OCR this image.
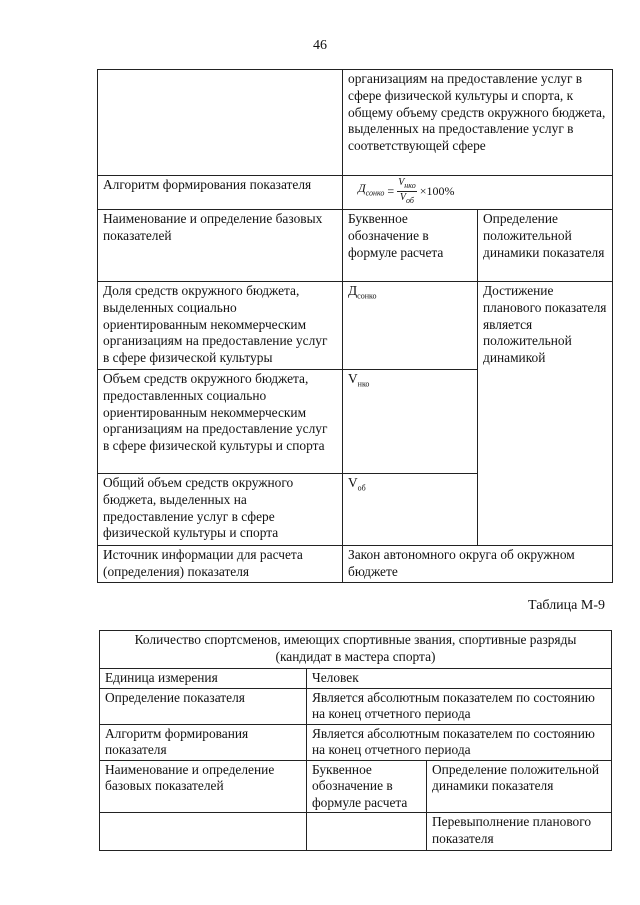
46
	организациям на предоставление услуг в сфере физической культуры и спорта, к общему объему средств окружного бюджета, выделенных на предоставление услуг в соответствующей сфере	
Алгоритм формирования показателя	$Д_{сонко} = \frac{V_{нко}}{V_{об}} \times 100\%$	

Наименование и определение базовых показателей	Буквенное обозначение в формуле расчета	Определение положительной динамики показателя
Доля средств окружного бюджета, выделенных социально ориентированным некоммерческим организациям на предоставление услуг в сфере физической культуры	$Д_{сонко}$	Достижение планового показателя является положительной динамикой
Объем средств окружного бюджета, предоставленных социально ориентированным некоммерческим организациям на предоставление услуг в сфере физической культуры и спорта	$V_{нко}$
Общий объем средств окружного бюджета, выделенных на предоставление услуг в сфере физической культуры и спорта	$V_{об}$
Источник информации для расчета (определения) показателя	Закон автономного округа об окружном бюджете	
Таблица М-9
Количество спортсменов, имеющих спортивные звания, спортивные разряды (кандидат в мастера спорта)		
Единица измерения	Человек	
Определение показателя	Является абсолютным показателем по состоянию на конец отчетного периода	
Алгоритм формирования показателя	Является абсолютным показателем по состоянию на конец отчетного периода	
Наименование и определение базовых показателей	Буквенное обозначение в формуле расчета	Определение положительной динамики показателя
		Перевыполнение планового показателя
